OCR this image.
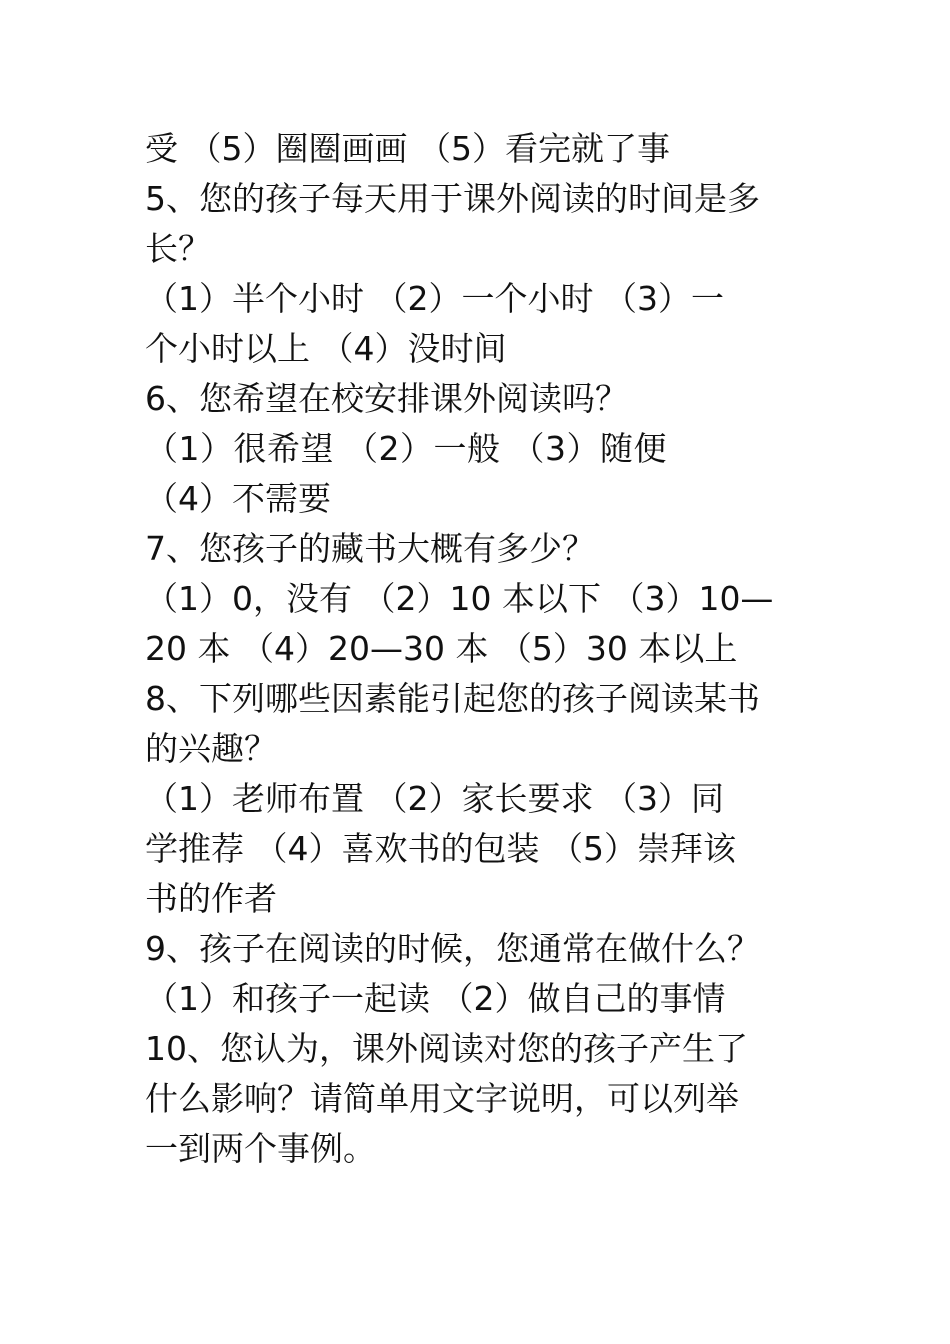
受 （5）圈圈画画 （5）看完就了事
5、您的孩子每天用于课外阅读的时间是多
长？
（1）半个小时 （2）一个小时 （3）一
个小时以上 （4）没时间
6、您希望在校安排课外阅读吗？
（1）很希望 （2）一般 （3）随便
（4）不需要
7、您孩子的藏书大概有多少？
（1）0，没有 （2）10 本以下 （3）10—
20 本 （4）20—30 本 （5）30 本以上
8、下列哪些因素能引起您的孩子阅读某书
的兴趣？
（1）老师布置 （2）家长要求 （3）同
学推荐 （4）喜欢书的包装 （5）崇拜该
书的作者
9、孩子在阅读的时候，您通常在做什么？
（1）和孩子一起读 （2）做自己的事情
10、您认为，课外阅读对您的孩子产生了
什么影响？请简单用文字说明，可以列举
一到两个事例。
